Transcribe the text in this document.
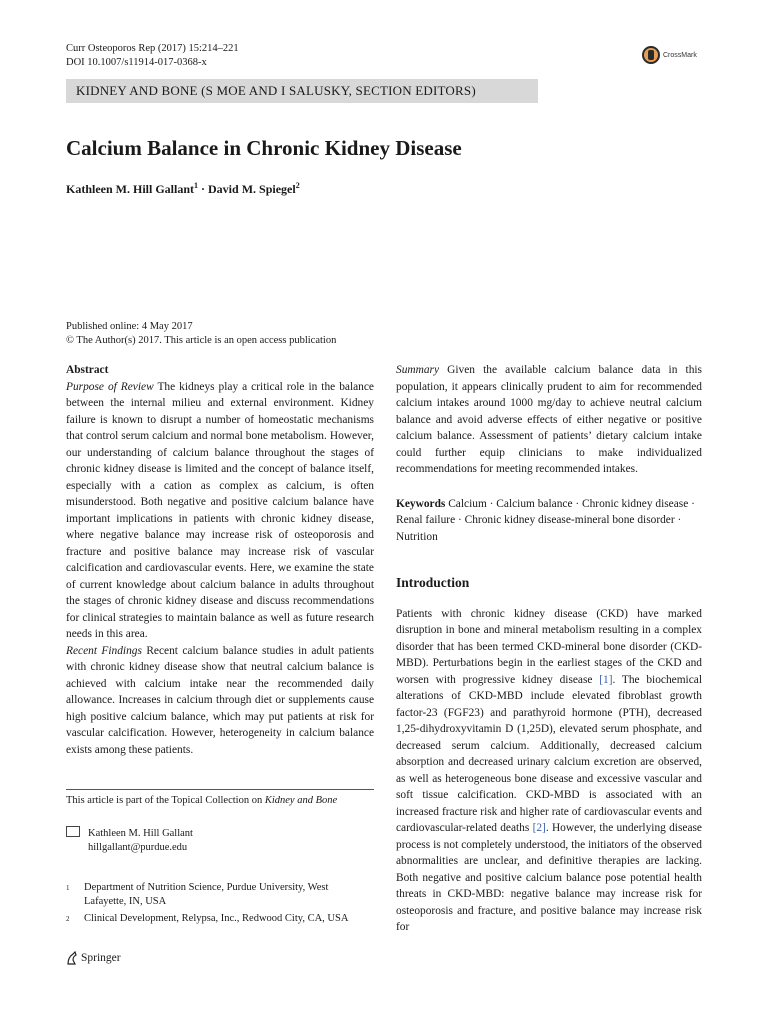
Curr Osteoporos Rep (2017) 15:214–221
DOI 10.1007/s11914-017-0368-x
CrossMark
KIDNEY AND BONE (S MOE AND I SALUSKY, SECTION EDITORS)
Calcium Balance in Chronic Kidney Disease
Kathleen M. Hill Gallant$^1$ · David M. Spiegel$^2$
Published online: 4 May 2017
© The Author(s) 2017. This article is an open access publication

Abstract

Purpose of Review The kidneys play a critical role in the balance between the internal milieu and external environment. Kidney failure is known to disrupt a number of homeostatic mechanisms that control serum calcium and normal bone metabolism. However, our understanding of calcium balance throughout the stages of chronic kidney disease is limited and the concept of balance itself, especially with a cation as complex as calcium, is often misunderstood. Both negative and positive calcium balance have important implications in patients with chronic kidney disease, where negative balance may increase risk of osteoporosis and fracture and positive balance may increase risk of vascular calcification and cardiovascular events. Here, we examine the state of current knowledge about calcium balance in adults throughout the stages of chronic kidney disease and discuss recommendations for clinical strategies to maintain balance as well as future research needs in this area.

Recent Findings Recent calcium balance studies in adult patients with chronic kidney disease show that neutral calcium balance is achieved with calcium intake near the recommended daily allowance. Increases in calcium through diet or supplements cause high positive calcium balance, which may put patients at risk for vascular calcification. However, heterogeneity in calcium balance exists among these patients.

This article is part of the Topical Collection on Kidney and Bone
Kathleen M. Hill Gallant
hillgallant@purdue.edu
1	Department of Nutrition Science, Purdue University, West
Lafayette, IN, USA
2	Clinical Development, Relypsa, Inc., Redwood City, CA, USA
Springer

Summary Given the available calcium balance data in this population, it appears clinically prudent to aim for recommended calcium intakes around 1000 mg/day to achieve neutral calcium balance and avoid adverse effects of either negative or positive calcium balance. Assessment of patients’ dietary calcium intake could further equip clinicians to make individualized recommendations for meeting recommended intakes.

Keywords Calcium · Calcium balance · Chronic kidney disease · Renal failure · Chronic kidney disease-mineral bone disorder · Nutrition

Introduction

Patients with chronic kidney disease (CKD) have marked disruption in bone and mineral metabolism resulting in a complex disorder that has been termed CKD-mineral bone disorder (CKD-MBD). Perturbations begin in the earliest stages of the CKD and worsen with progressive kidney disease [1]. The biochemical alterations of CKD-MBD include elevated fibroblast growth factor-23 (FGF23) and parathyroid hormone (PTH), decreased 1,25-dihydroxyvitamin D (1,25D), elevated serum phosphate, and decreased serum calcium. Additionally, decreased calcium absorption and decreased urinary calcium excretion are observed, as well as heterogeneous bone disease and excessive vascular and soft tissue calcification. CKD-MBD is associated with an increased fracture risk and higher rate of cardiovascular events and cardiovascular-related deaths [2]. However, the underlying disease process is not completely understood, the initiators of the observed abnormalities are unclear, and definitive therapies are lacking. Both negative and positive calcium balance pose potential health threats in CKD-MBD: negative balance may increase risk for osteoporosis and fracture, and positive balance may increase risk for
